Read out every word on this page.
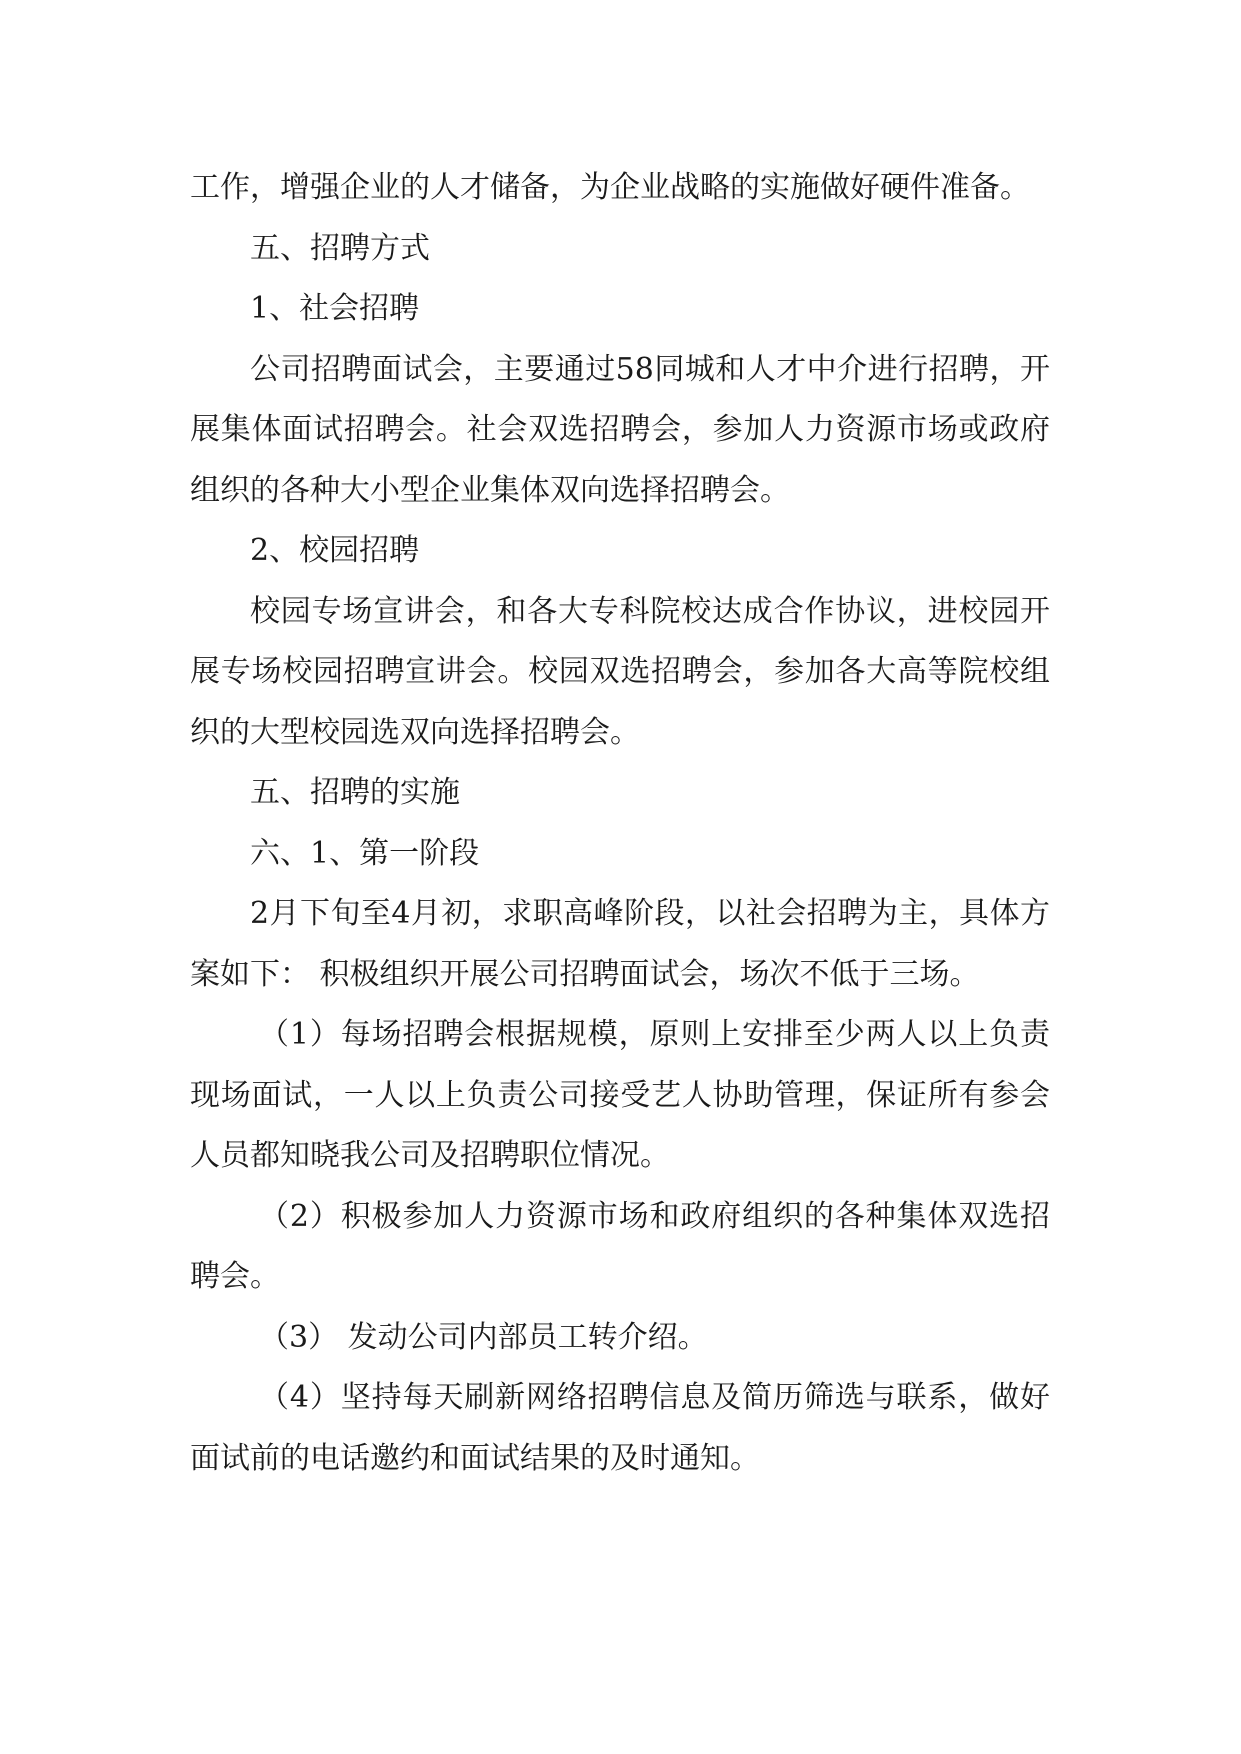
工作，增强企业的人才储备，为企业战略的实施做好硬件准备。

五、招聘方式

1、社会招聘

公司招聘面试会，主要通过58同城和人才中介进行招聘，开展集体面试招聘会。社会双选招聘会，参加人力资源市场或政府组织的各种大小型企业集体双向选择招聘会。

2、校园招聘

校园专场宣讲会，和各大专科院校达成合作协议，进校园开展专场校园招聘宣讲会。校园双选招聘会，参加各大高等院校组织的大型校园选双向选择招聘会。

五、招聘的实施

六、1、第一阶段

2月下旬至4月初，求职高峰阶段，以社会招聘为主，具体方案如下： 积极组织开展公司招聘面试会，场次不低于三场。

（1）每场招聘会根据规模，原则上安排至少两人以上负责现场面试，一人以上负责公司接受艺人协助管理，保证所有参会人员都知晓我公司及招聘职位情况。

（2）积极参加人力资源市场和政府组织的各种集体双选招聘会。

（3） 发动公司内部员工转介绍。

（4）坚持每天刷新网络招聘信息及简历筛选与联系，做好面试前的电话邀约和面试结果的及时通知。
